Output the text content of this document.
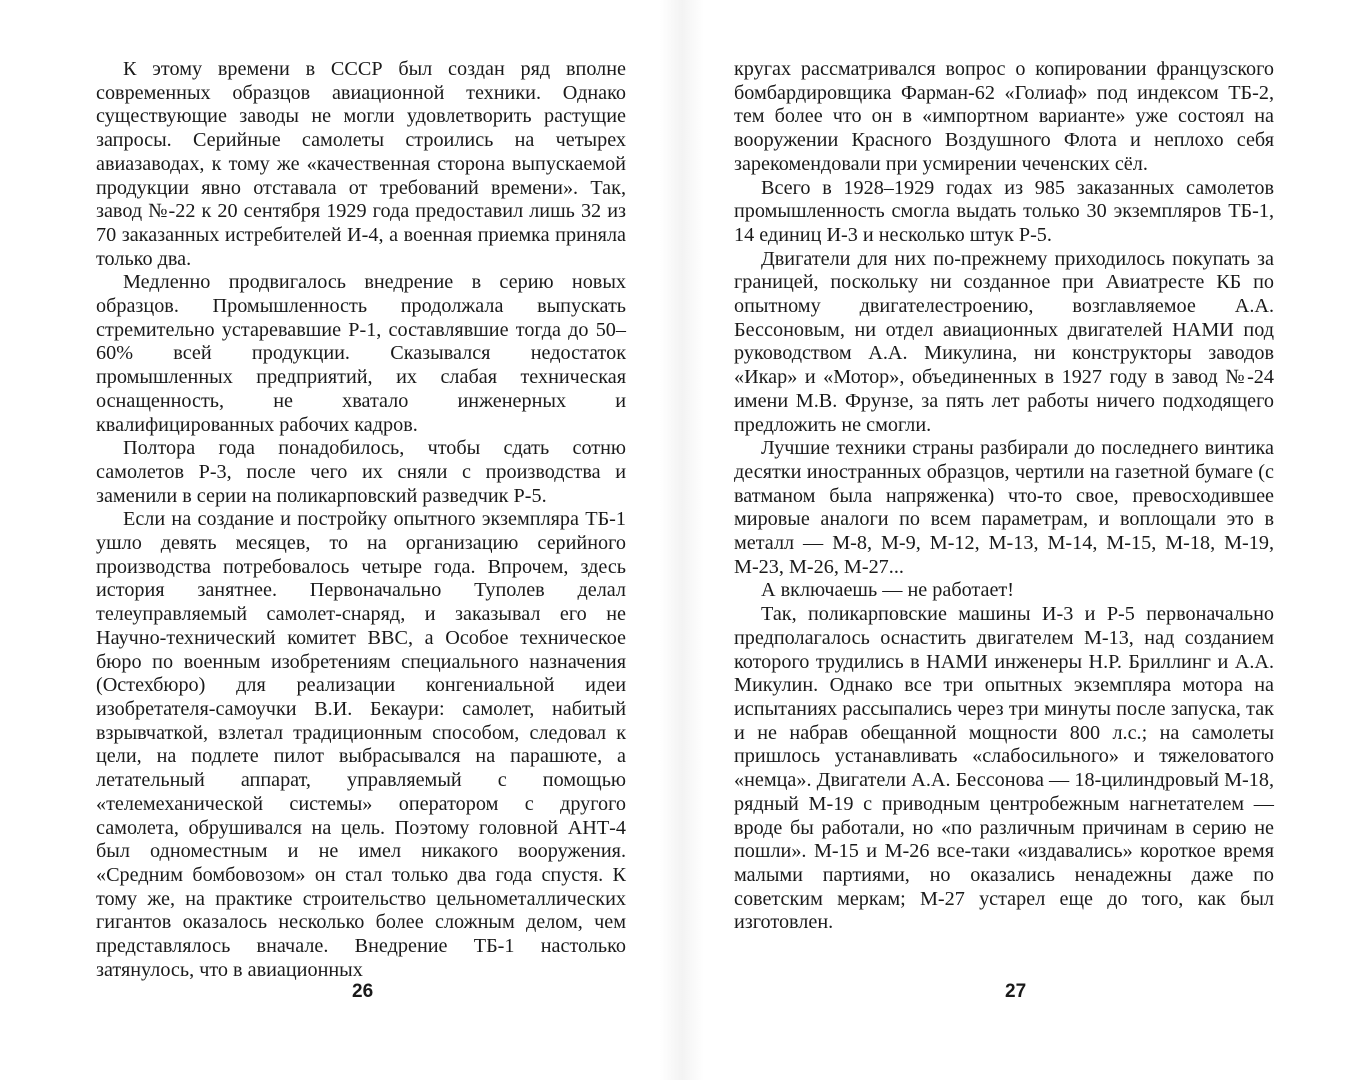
К этому времени в СССР был создан ряд вполне современных образцов авиационной техники. Однако существующие заводы не могли удовлетворить растущие запросы. Серийные самолеты строились на четырех авиазаводах, к тому же «качественная сторона выпускаемой продукции явно отставала от требований времени». Так, завод №-22 к 20 сентября 1929 года предоставил лишь 32 из 70 заказанных истребителей И-4, а военная приемка приняла только два.

Медленно продвигалось внедрение в серию новых образцов. Промышленность продолжала выпускать стремительно устаревавшие Р-1, составлявшие тогда до 50–60% всей продукции. Сказывался недостаток промышленных предприятий, их слабая техническая оснащенность, не хватало инженерных и квалифицированных рабочих кадров.

Полтора года понадобилось, чтобы сдать сотню самолетов Р-3, после чего их сняли с производства и заменили в серии на поликарповский разведчик Р-5.

Если на создание и постройку опытного экземпляра ТБ-1 ушло девять месяцев, то на организацию серийного производства потребовалось четыре года. Впрочем, здесь история занятнее. Первоначально Туполев делал телеуправляемый самолет-снаряд, и заказывал его не Научно-технический комитет ВВС, а Особое техническое бюро по военным изобретениям специального назначения (Остехбюро) для реализации конгениальной идеи изобретателя-самоучки В.И. Бекаури: самолет, набитый взрывчаткой, взлетал традиционным способом, следовал к цели, на подлете пилот выбрасывался на парашюте, а летательный аппарат, управляемый с помощью «телемеханической системы» оператором с другого самолета, обрушивался на цель. Поэтому головной АНТ-4 был одноместным и не имел никакого вооружения. «Средним бомбовозом» он стал только два года спустя. К тому же, на практике строительство цельнометаллических гигантов оказалось несколько более сложным делом, чем представлялось вначале. Внедрение ТБ-1 настолько затянулось, что в авиационных

26

кругах рассматривался вопрос о копировании французского бомбардировщика Фарман-62 «Голиаф» под индексом ТБ-2, тем более что он в «импортном варианте» уже состоял на вооружении Красного Воздушного Флота и неплохо себя зарекомендовали при усмирении чеченских сёл.

Всего в 1928–1929 годах из 985 заказанных самолетов промышленность смогла выдать только 30 экземпляров ТБ-1, 14 единиц И-3 и несколько штук Р-5.

Двигатели для них по-прежнему приходилось покупать за границей, поскольку ни созданное при Авиатресте КБ по опытному двигателестроению, возглавляемое А.А. Бессоновым, ни отдел авиационных двигателей НАМИ под руководством А.А. Микулина, ни конструкторы заводов «Икар» и «Мотор», объединенных в 1927 году в завод №-24 имени М.В. Фрунзе, за пять лет работы ничего подходящего предложить не смогли.

Лучшие техники страны разбирали до последнего винтика десятки иностранных образцов, чертили на газетной бумаге (с ватманом была напряженка) что-то свое, превосходившее мировые аналоги по всем параметрам, и воплощали это в металл — М-8, М-9, М-12, М-13, М-14, М-15, М-18, М-19, М-23, М-26, М-27...

А включаешь — не работает!

Так, поликарповские машины И-3 и Р-5 первоначально предполагалось оснастить двигателем М-13, над созданием которого трудились в НАМИ инженеры Н.Р. Бриллинг и А.А. Микулин. Однако все три опытных экземпляра мотора на испытаниях рассыпались через три минуты после запуска, так и не набрав обещанной мощности 800 л.с.; на самолеты пришлось устанавливать «слабосильного» и тяжеловатого «немца». Двигатели А.А. Бессонова — 18-цилиндровый М-18, рядный М-19 с приводным центробежным нагнетателем — вроде бы работали, но «по различным причинам в серию не пошли». М-15 и М-26 все-таки «издавались» короткое время малыми партиями, но оказались ненадежны даже по советским меркам; М-27 устарел еще до того, как был изготовлен.

27
